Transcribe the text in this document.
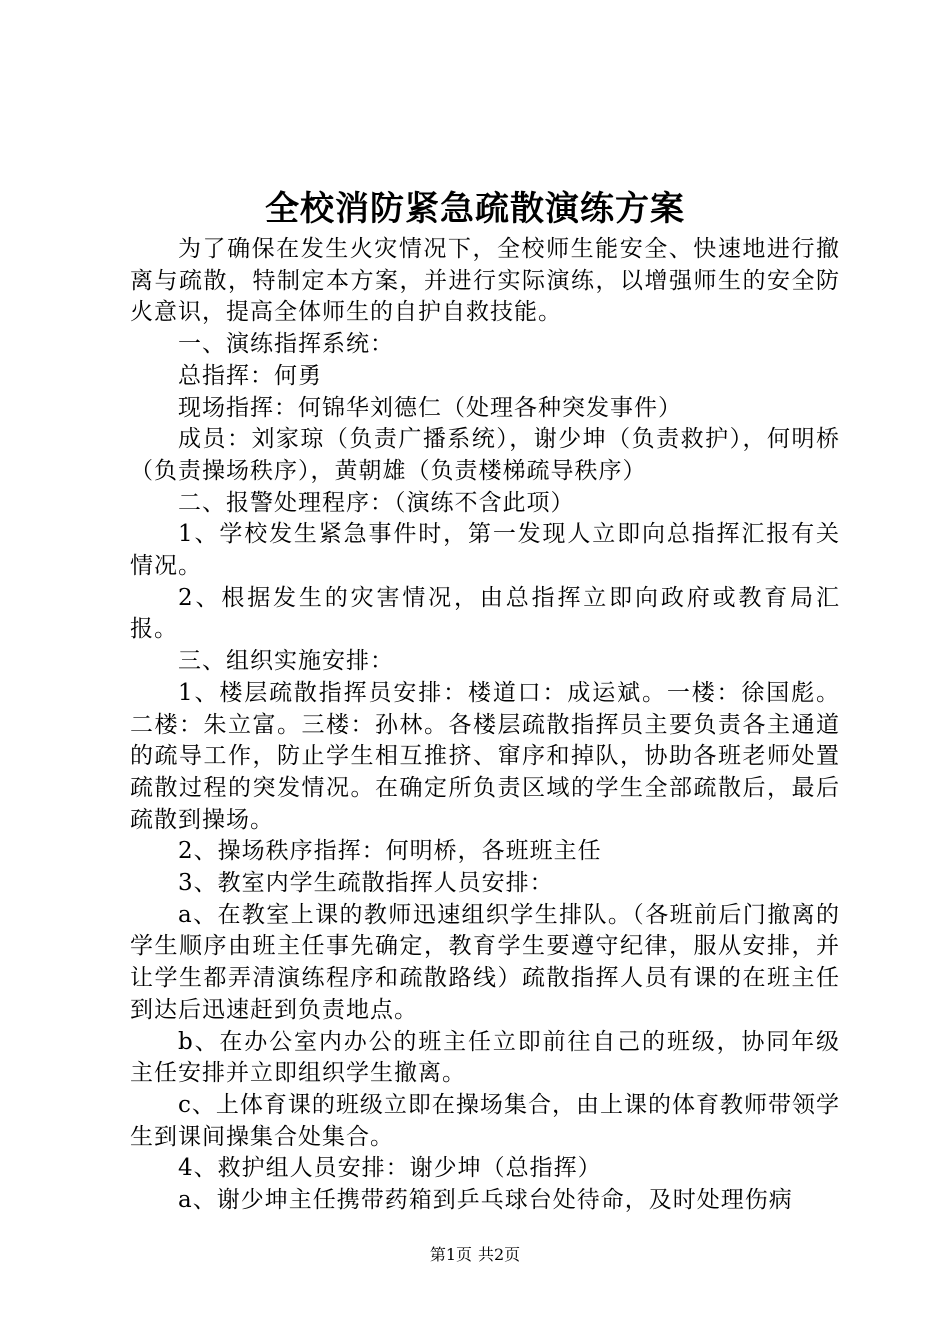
全校消防紧急疏散演练方案

为了确保在发生火灾情况下，全校师生能安全、快速地进行撤离与疏散，特制定本方案，并进行实际演练，以增强师生的安全防火意识，提高全体师生的自护自救技能。

一、演练指挥系统：

总指挥：何勇

现场指挥：何锦华刘德仁（处理各种突发事件）

成员：刘家琼（负责广播系统），谢少坤（负责救护），何明桥（负责操场秩序），黄朝雄（负责楼梯疏导秩序）

二、报警处理程序：（演练不含此项）

1、学校发生紧急事件时，第一发现人立即向总指挥汇报有关情况。

2、根据发生的灾害情况，由总指挥立即向政府或教育局汇报。

三、组织实施安排：

1、楼层疏散指挥员安排：楼道口：成运斌。一楼：徐国彪。二楼：朱立富。三楼：孙林。各楼层疏散指挥员主要负责各主通道的疏导工作，防止学生相互推挤、窜序和掉队，协助各班老师处置疏散过程的突发情况。在确定所负责区域的学生全部疏散后，最后疏散到操场。

2、操场秩序指挥：何明桥，各班班主任

3、教室内学生疏散指挥人员安排：

a、在教室上课的教师迅速组织学生排队。（各班前后门撤离的学生顺序由班主任事先确定，教育学生要遵守纪律，服从安排，并让学生都弄清演练程序和疏散路线）疏散指挥人员有课的在班主任到达后迅速赶到负责地点。

b、在办公室内办公的班主任立即前往自己的班级，协同年级主任安排并立即组织学生撤离。

c、上体育课的班级立即在操场集合，由上课的体育教师带领学生到课间操集合处集合。

4、救护组人员安排：谢少坤（总指挥）

a、谢少坤主任携带药箱到乒乓球台处待命，及时处理伤病

第1页 共2页
